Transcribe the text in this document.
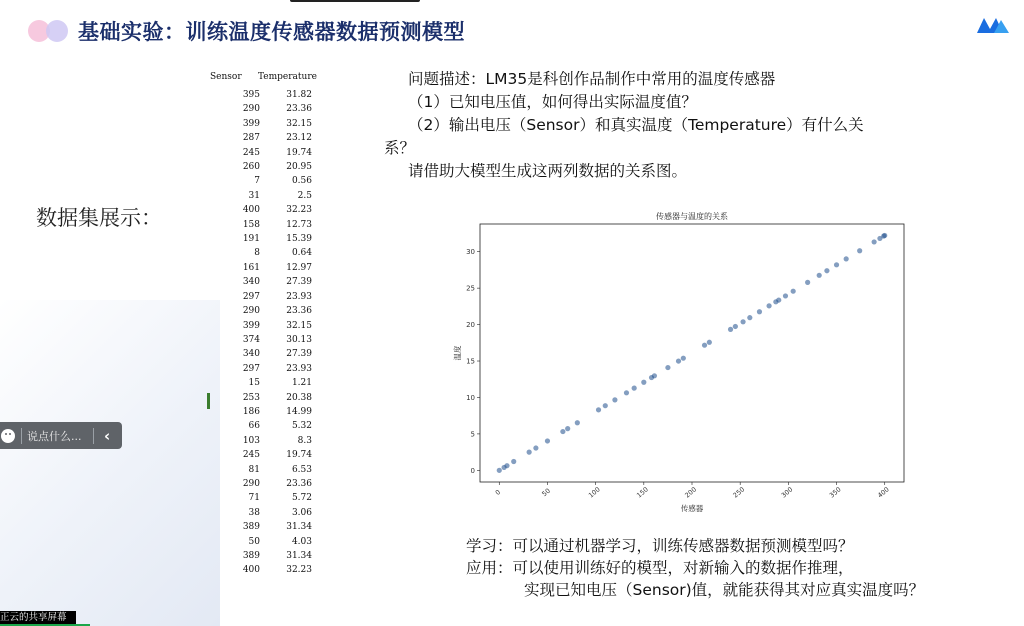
基础实验：训练温度传感器数据预测模型

数据集展示：

Sensor	Temperature
395	31.82
290	23.36
399	32.15
287	23.12
245	19.74
260	20.95
7	0.56
31	2.5
400	32.23
158	12.73
191	15.39
8	0.64
161	12.97
340	27.39
297	23.93
290	23.36
399	32.15
374	30.13
340	27.39
297	23.93
15	1.21
253	20.38
186	14.99
66	5.32
103	8.3
245	19.74
81	6.53
290	23.36
71	5.72
38	3.06
389	31.34
50	4.03
389	31.34
400	32.23

问题描述：LM35是科创作品制作中常用的温度传感器

（1）已知电压值，如何得出实际温度值？

（2）输出电压（Sensor）和真实温度（Temperature）有什么关

系？

请借助大模型生成这两列数据的关系图。

传感器与温度的关系
0	50	100	150	200	250	300	350	400
0
5
10
15
20
25
30
传感器
温度

学习：可以通过机器学习，训练传感器数据预测模型吗？

应用：可以使用训练好的模型，对新输入的数据作推理，

实现已知电压（Sensor)值，就能获得其对应真实温度吗？

说点什么...	‹
正云的共享屏幕
